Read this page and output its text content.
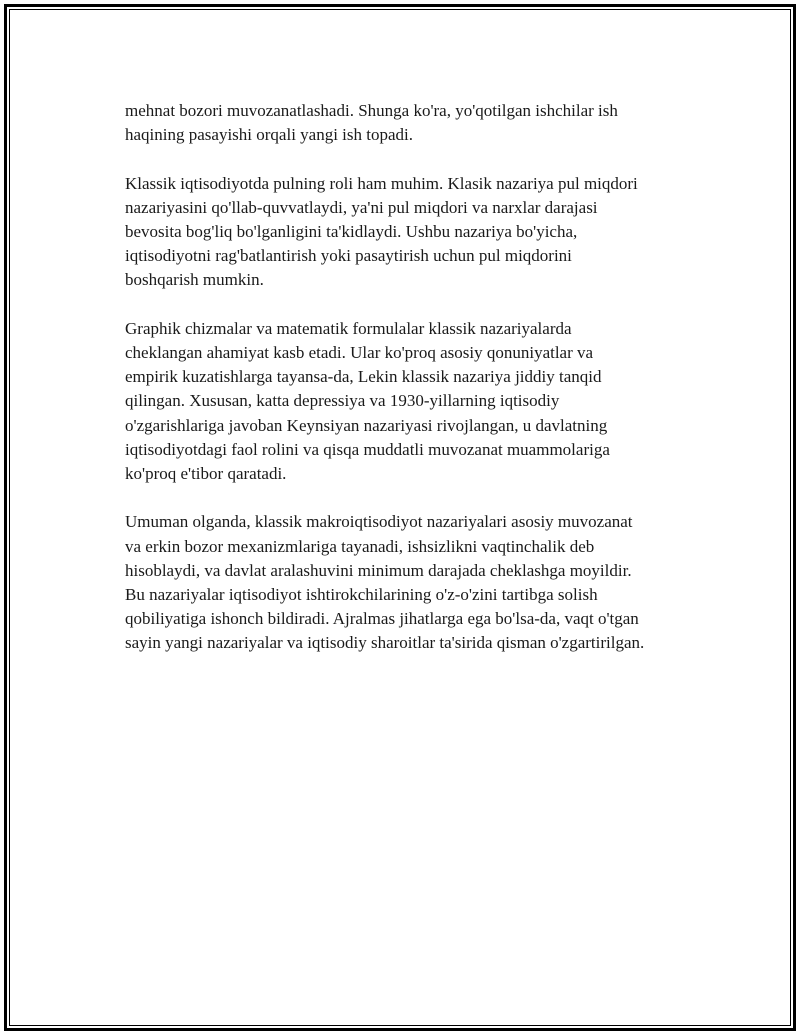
mehnat bozori muvozanatlashadi. Shunga ko'ra, yo'qotilgan ishchilar ish
haqining pasayishi orqali yangi ish topadi.

Klassik iqtisodiyotda pulning roli ham muhim. Klasik nazariya pul miqdori
nazariyasini qo'llab-quvvatlaydi, ya'ni pul miqdori va narxlar darajasi
bevosita bog'liq bo'lganligini ta'kidlaydi. Ushbu nazariya bo'yicha,
iqtisodiyotni rag'batlantirish yoki pasaytirish uchun pul miqdorini
boshqarish mumkin.

Graphik chizmalar va matematik formulalar klassik nazariyalarda
cheklangan ahamiyat kasb etadi. Ular ko'proq asosiy qonuniyatlar va
empirik kuzatishlarga tayansa-da, Lekin klassik nazariya jiddiy tanqid
qilingan. Xususan, katta depressiya va 1930-yillarning iqtisodiy
o'zgarishlariga javoban Keynsiyan nazariyasi rivojlangan, u davlatning
iqtisodiyotdagi faol rolini va qisqa muddatli muvozanat muammolariga
ko'proq e'tibor qaratadi.

Umuman olganda, klassik makroiqtisodiyot nazariyalari asosiy muvozanat
va erkin bozor mexanizmlariga tayanadi, ishsizlikni vaqtinchalik deb
hisoblaydi, va davlat aralashuvini minimum darajada cheklashga moyildir.
Bu nazariyalar iqtisodiyot ishtirokchilarining o'z-o'zini tartibga solish
qobiliyatiga ishonch bildiradi. Ajralmas jihatlarga ega bo'lsa-da, vaqt o'tgan
sayin yangi nazariyalar va iqtisodiy sharoitlar ta'sirida qisman o'zgartirilgan.
